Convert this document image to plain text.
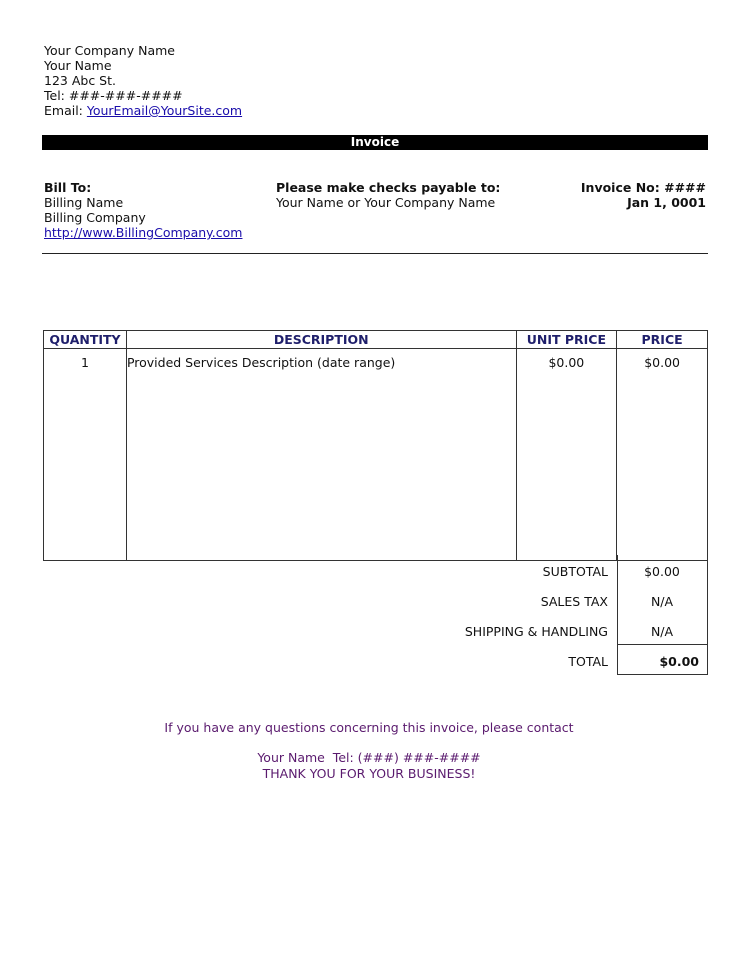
Your Company Name
Your Name
123 Abc St.
Tel: ###-###-####
Email: YourEmail@YourSite.com
Invoice
Bill To:
Billing Name
Billing Company
http://www.BillingCompany.com
Please make checks payable to:
Your Name or Your Company Name
Invoice No: ####
Jan 1, 0001
QUANTITY	DESCRIPTION	UNIT PRICE	PRICE
1	Provided Services Description (date range)	$0.00	$0.00
SUBTOTAL	$0.00
SALES TAX	N/A
SHIPPING & HANDLING	N/A
TOTAL	$0.00
If you have any questions concerning this invoice, please contact
Your Name  Tel: (###) ###-####
THANK YOU FOR YOUR BUSINESS!
